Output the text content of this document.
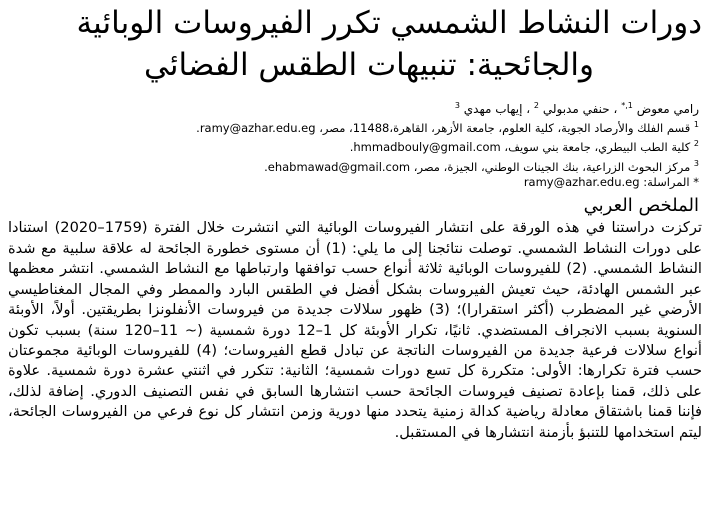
دورات النشاط الشمسي تكرر الفيروسات الوبائية
والجائحية: تنبيهات الطقس الفضائي
رامي معوض $^{1,*}$ ، حنفي مدبولي $^2$ ، إيهاب مهدي $^3$
$^1$ قسم الفلك والأرصاد الجوية، كلية العلوم، جامعة الأزهر، القاهرة،11488، مصر، ramy@azhar.edu.eg.
$^2$ كلية الطب البيطري، جامعة بني سويف، hmmadbouly@gmail.com.
$^3$ مركز البحوث الزراعية، بنك الجينات الوطني، الجيزة، مصر، ehabmawad@gmail.com.
* المراسلة: ramy@azhar.edu.eg
الملخص العربي

تركزت دراستنا في هذه الورقة على انتشار الفيروسات الوبائية التي انتشرت خلال الفترة (1759–2020) استنادا على دورات النشاط الشمسي. توصلت نتائجنا إلى ما يلي: (1) أن مستوى خطورة الجائحة له علاقة سلبية مع شدة النشاط الشمسي. (2) للفيروسات الوبائية ثلاثة أنواع حسب توافقها وارتباطها مع النشاط الشمسي. انتشر معظمها عبر الشمس الهادئة، حيث تعيش الفيروسات بشكل أفضل في الطقس البارد والممطر وفي المجال المغناطيسي الأرضي غير المضطرب (أكثر استقرارا)؛ (3) ظهور سلالات جديدة من فيروسات الأنفلونزا بطريقتين. أولاً، الأوبئة السنوية بسبب الانجراف المستضدي. ثانيًا، تكرار الأوبئة كل 1–12 دورة شمسية (~ 11–120 سنة) بسبب تكون أنواع سلالات فرعية جديدة من الفيروسات الناتجة عن تبادل قطع الفيروسات؛ (4) للفيروسات الوبائية مجموعتان حسب فترة تكرارها: الأولى: متكررة كل تسع دورات شمسية؛ الثانية: تتكرر في اثنتي عشرة دورة شمسية. علاوة على ذلك، قمنا بإعادة تصنيف فيروسات الجائحة حسب انتشارها السابق في نفس التصنيف الدوري. إضافة لذلك، فإننا قمنا باشتقاق معادلة رياضية كدالة زمنية يتحدد منها دورية وزمن انتشار كل نوع فرعي من الفيروسات الجائحة، ليتم استخدامها للتنبؤ بأزمنة انتشارها في المستقبل.
